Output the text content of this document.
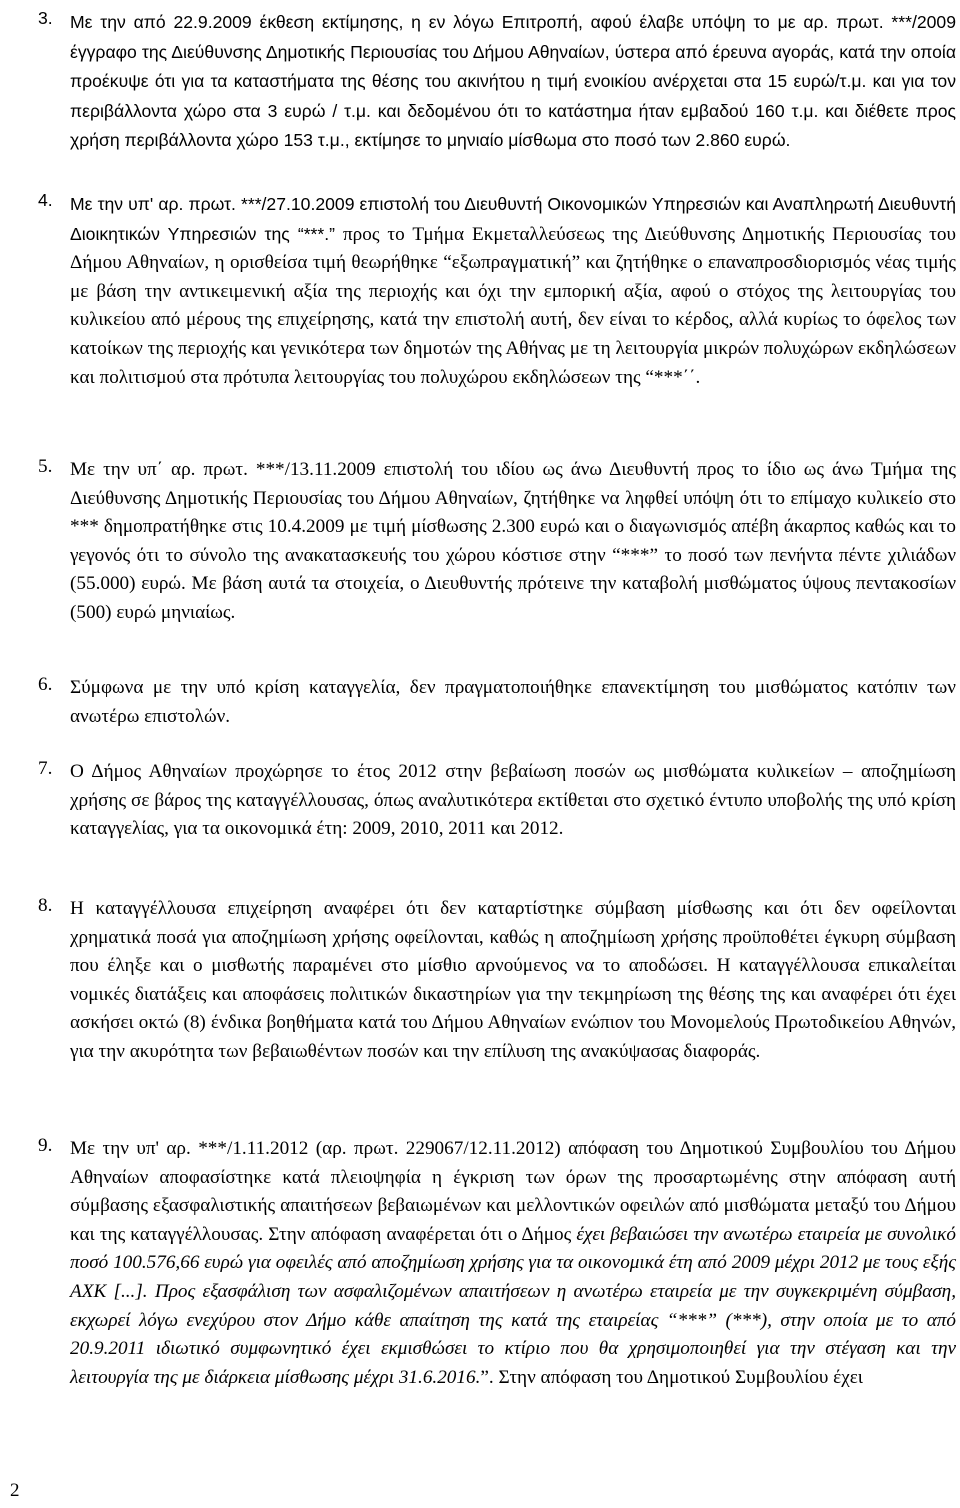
3. Με την από 22.9.2009 έκθεση εκτίμησης, η εν λόγω Επιτροπή, αφού έλαβε υπόψη το με αρ. πρωτ. ***/2009 έγγραφο της Διεύθυνσης Δημοτικής Περιουσίας του Δήμου Αθηναίων, ύστερα από έρευνα αγοράς, κατά την οποία προέκυψε ότι για τα καταστήματα της θέσης του ακινήτου η τιμή ενοικίου ανέρχεται στα 15 ευρώ/τ.μ. και για τον περιβάλλοντα χώρο στα 3 ευρώ / τ.μ. και δεδομένου ότι το κατάστημα ήταν εμβαδού 160 τ.μ. και διέθετε προς χρήση περιβάλλοντα χώρο 153 τ.μ., εκτίμησε το μηνιαίο μίσθωμα στο ποσό των 2.860 ευρώ.
4. Με την υπ' αρ. πρωτ. ***/27.10.2009 επιστολή του Διευθυντή Οικονομικών Υπηρεσιών και Αναπληρωτή Διευθυντή Διοικητικών Υπηρεσιών της “***.” προς το Τμήμα Εκμεταλλεύσεως της Διεύθυνσης Δημοτικής Περιουσίας του Δήμου Αθηναίων, η ορισθείσα τιμή θεωρήθηκε “εξωπραγματική” και ζητήθηκε ο επαναπροσδιορισμός νέας τιμής με βάση την αντικειμενική αξία της περιοχής και όχι την εμπορική αξία, αφού ο στόχος της λειτουργίας του κυλικείου από μέρους της επιχείρησης, κατά την επιστολή αυτή, δεν είναι το κέρδος, αλλά κυρίως το όφελος των κατοίκων της περιοχής και γενικότερα των δημοτών της Αθήνας με τη λειτουργία μικρών πολυχώρων εκδηλώσεων και πολιτισμού στα πρότυπα λειτουργίας του πολυχώρου εκδηλώσεων της “***΄΄.
5. Με την υπ΄ αρ. πρωτ. ***/13.11.2009 επιστολή του ιδίου ως άνω Διευθυντή προς το ίδιο ως άνω Τμήμα της Διεύθυνσης Δημοτικής Περιουσίας του Δήμου Αθηναίων, ζητήθηκε να ληφθεί υπόψη ότι το επίμαχο κυλικείο στο *** δημοπρατήθηκε στις 10.4.2009 με τιμή μίσθωσης 2.300 ευρώ και ο διαγωνισμός απέβη άκαρπος καθώς και το γεγονός ότι το σύνολο της ανακατασκευής του χώρου κόστισε στην “***” το ποσό των πενήντα πέντε χιλιάδων (55.000) ευρώ. Με βάση αυτά τα στοιχεία, ο Διευθυντής πρότεινε την καταβολή μισθώματος ύψους πεντακοσίων (500) ευρώ μηνιαίως.
6. Σύμφωνα με την υπό κρίση καταγγελία, δεν πραγματοποιήθηκε επανεκτίμηση του μισθώματος κατόπιν των ανωτέρω επιστολών.
7. Ο Δήμος Αθηναίων προχώρησε το έτος 2012 στην βεβαίωση ποσών ως μισθώματα κυλικείων – αποζημίωση χρήσης σε βάρος της καταγγέλλουσας, όπως αναλυτικότερα εκτίθεται στο σχετικό έντυπο υποβολής της υπό κρίση καταγγελίας, για τα οικονομικά έτη: 2009, 2010, 2011 και 2012.
8. Η καταγγέλλουσα επιχείρηση αναφέρει ότι δεν καταρτίστηκε σύμβαση μίσθωσης και ότι δεν οφείλονται χρηματικά ποσά για αποζημίωση χρήσης οφείλονται, καθώς η αποζημίωση χρήσης προϋποθέτει έγκυρη σύμβαση που έληξε και ο μισθωτής παραμένει στο μίσθιο αρνούμενος να το αποδώσει. Η καταγγέλλουσα επικαλείται νομικές διατάξεις και αποφάσεις πολιτικών δικαστηρίων για την τεκμηρίωση της θέσης της και αναφέρει ότι έχει ασκήσει οκτώ (8) ένδικα βοηθήματα κατά του Δήμου Αθηναίων ενώπιον του Μονομελούς Πρωτοδικείου Αθηνών, για την ακυρότητα των βεβαιωθέντων ποσών και την επίλυση της ανακύψασας διαφοράς.
9. Με την υπ' αρ. ***/1.11.2012 (αρ. πρωτ. 229067/12.11.2012) απόφαση του Δημοτικού Συμβουλίου του Δήμου Αθηναίων αποφασίστηκε κατά πλειοψηφία η έγκριση των όρων της προσαρτωμένης στην απόφαση αυτή σύμβασης εξασφαλιστικής απαιτήσεων βεβαιωμένων και μελλοντικών οφειλών από μισθώματα μεταξύ του Δήμου και της καταγγέλλουσας. Στην απόφαση αναφέρεται ότι ο Δήμος έχει βεβαιώσει την ανωτέρω εταιρεία με συνολικό ποσό 100.576,66 ευρώ για οφειλές από αποζημίωση χρήσης για τα οικονομικά έτη από 2009 μέχρι 2012 με τους εξής ΑΧΚ [...]. Προς εξασφάλιση των ασφαλιζομένων απαιτήσεων η ανωτέρω εταιρεία με την συγκεκριμένη σύμβαση, εκχωρεί λόγω ενεχύρου στον Δήμο κάθε απαίτηση της κατά της εταιρείας “***” (***), στην οποία με το από 20.9.2011 ιδιωτικό συμφωνητικό έχει εκμισθώσει το κτίριο που θα χρησιμοποιηθεί για την στέγαση και την λειτουργία της με διάρκεια μίσθωσης μέχρι 31.6.2016.”. Στην απόφαση του Δημοτικού Συμβουλίου έχει
2
